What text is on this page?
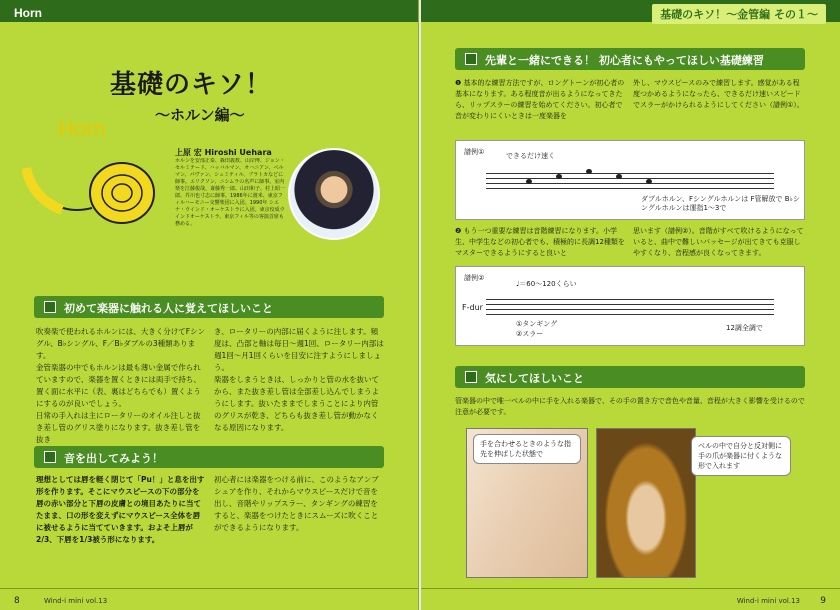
Horn
基礎のキソ！
〜ホルン編〜
Horn
上原 宏 Hiroshi Uehara
ホルンを安部正泰、森田義教、山岸博、ジョン・セルミテード、ハッバルマン、オハニアン、ペルマン、パヴァン、シュミティル、ブラトカなどに師事。エリクソン、ニシムラの名声に師事。室内楽を江藤俊哉、斎藤秀一郎、山田和子、村上昭一郎、芥川也寸志に師事。1986年に渡米、東京フィルハーモニー交響楽団に入団。1990年 シエナ・ウインド・オーケストラに入団。東京佼成ウインドオーケストラ、東京フィル等の客演首席も務める。
初めて楽器に触れる人に覚えてほしいこと
吹奏楽で使われるホルンには、大きく分けてFシングル、B♭シングル、F／B♭ダブルの3種類あります。
金管楽器の中でもホルンは最も薄い金属で作られていますので、楽器を置くときには両手で持ち、置く面に水平に（表、裏はどちらでも）置くようにするのが良いでしょう。
日常の手入れは主にロータリーのオイル注しと抜き差し管のグリス塗りになります。抜き差し管を抜き
き、ロータリーの内部に届くように注します。頻度は、凸部と軸は毎日〜週1回、ロータリー内部は週1回〜月1回くらいを目安に注すようにしましょう。
楽器をしまうときは、しっかりと管の水を抜いてから、また抜き差し管は全部差し込んでしまうようにします。抜いたままでしまうことにより内管のグリスが乾き、どちらも抜き差し管が動かなくなる原因になります。
音を出してみよう！
理想としては唇を軽く閉じて「Pu！」と息を出す形を作ります。そこにマウスピースの下の部分を唇の赤い部分と下唇の皮膚との境目あたりに当てたまま、口の形を変えずにマウスピース全体を唇に被せるように当てていきます。およそ上唇が2/3、下唇を1/3被う形になります。
初心者には楽器をつける前に、このようなアンブシュアを作り、それからマウスピースだけで音を出し、音階やリップスラー、タンギングの練習をすると、楽器をつけたときにスムーズに吹くことができるようになります。
8	Wind-i mini vol.13
基礎のキソ！〜金管編 その１〜
先輩と一緒にできる！ 初心者にもやってほしい基礎練習
❶ 基本的な練習方法ですが、ロングトーンが初心者の基本になります。ある程度音が出るようになってきたら、リップスラーの練習を始めてください。初心者で音が変わりにくいときは一度楽器を
外し、マウスピースのみで練習します。感覚がある程度つかめるようになったら、できるだけ速いスピードでスラーがかけられるようにしてください（譜例①）。
譜例①	できるだけ速く
ダブルホルン、Fシングルホルンは F管解放で B♭シングルホルンは運指1〜3で
❷ もう一つ重要な練習は音階練習になります。小学生、中学生などの初心者でも、積極的に長調12種類をマスターできるようにすると良いと
思います（譜例②）。音階がすべて吹けるようになっていると、曲中で難しいパッセージが出てきても克服しやすくなり、音程感が良くなってきます。
譜例②
♩＝60〜120くらい
F-dur
①タンギング
②スラー
12調全調で
気にしてほしいこと
管楽器の中で唯一ベルの中に手を入れる楽器で、その手の置き方で音色や音量、音程が大きく影響を受けるので注意が必要です。
手を合わせるときのような指先を伸ばした状態で
ベルの中で自分と反対側に手の爪が楽器に付くような形で入れます
Wind-i mini vol.13 9
